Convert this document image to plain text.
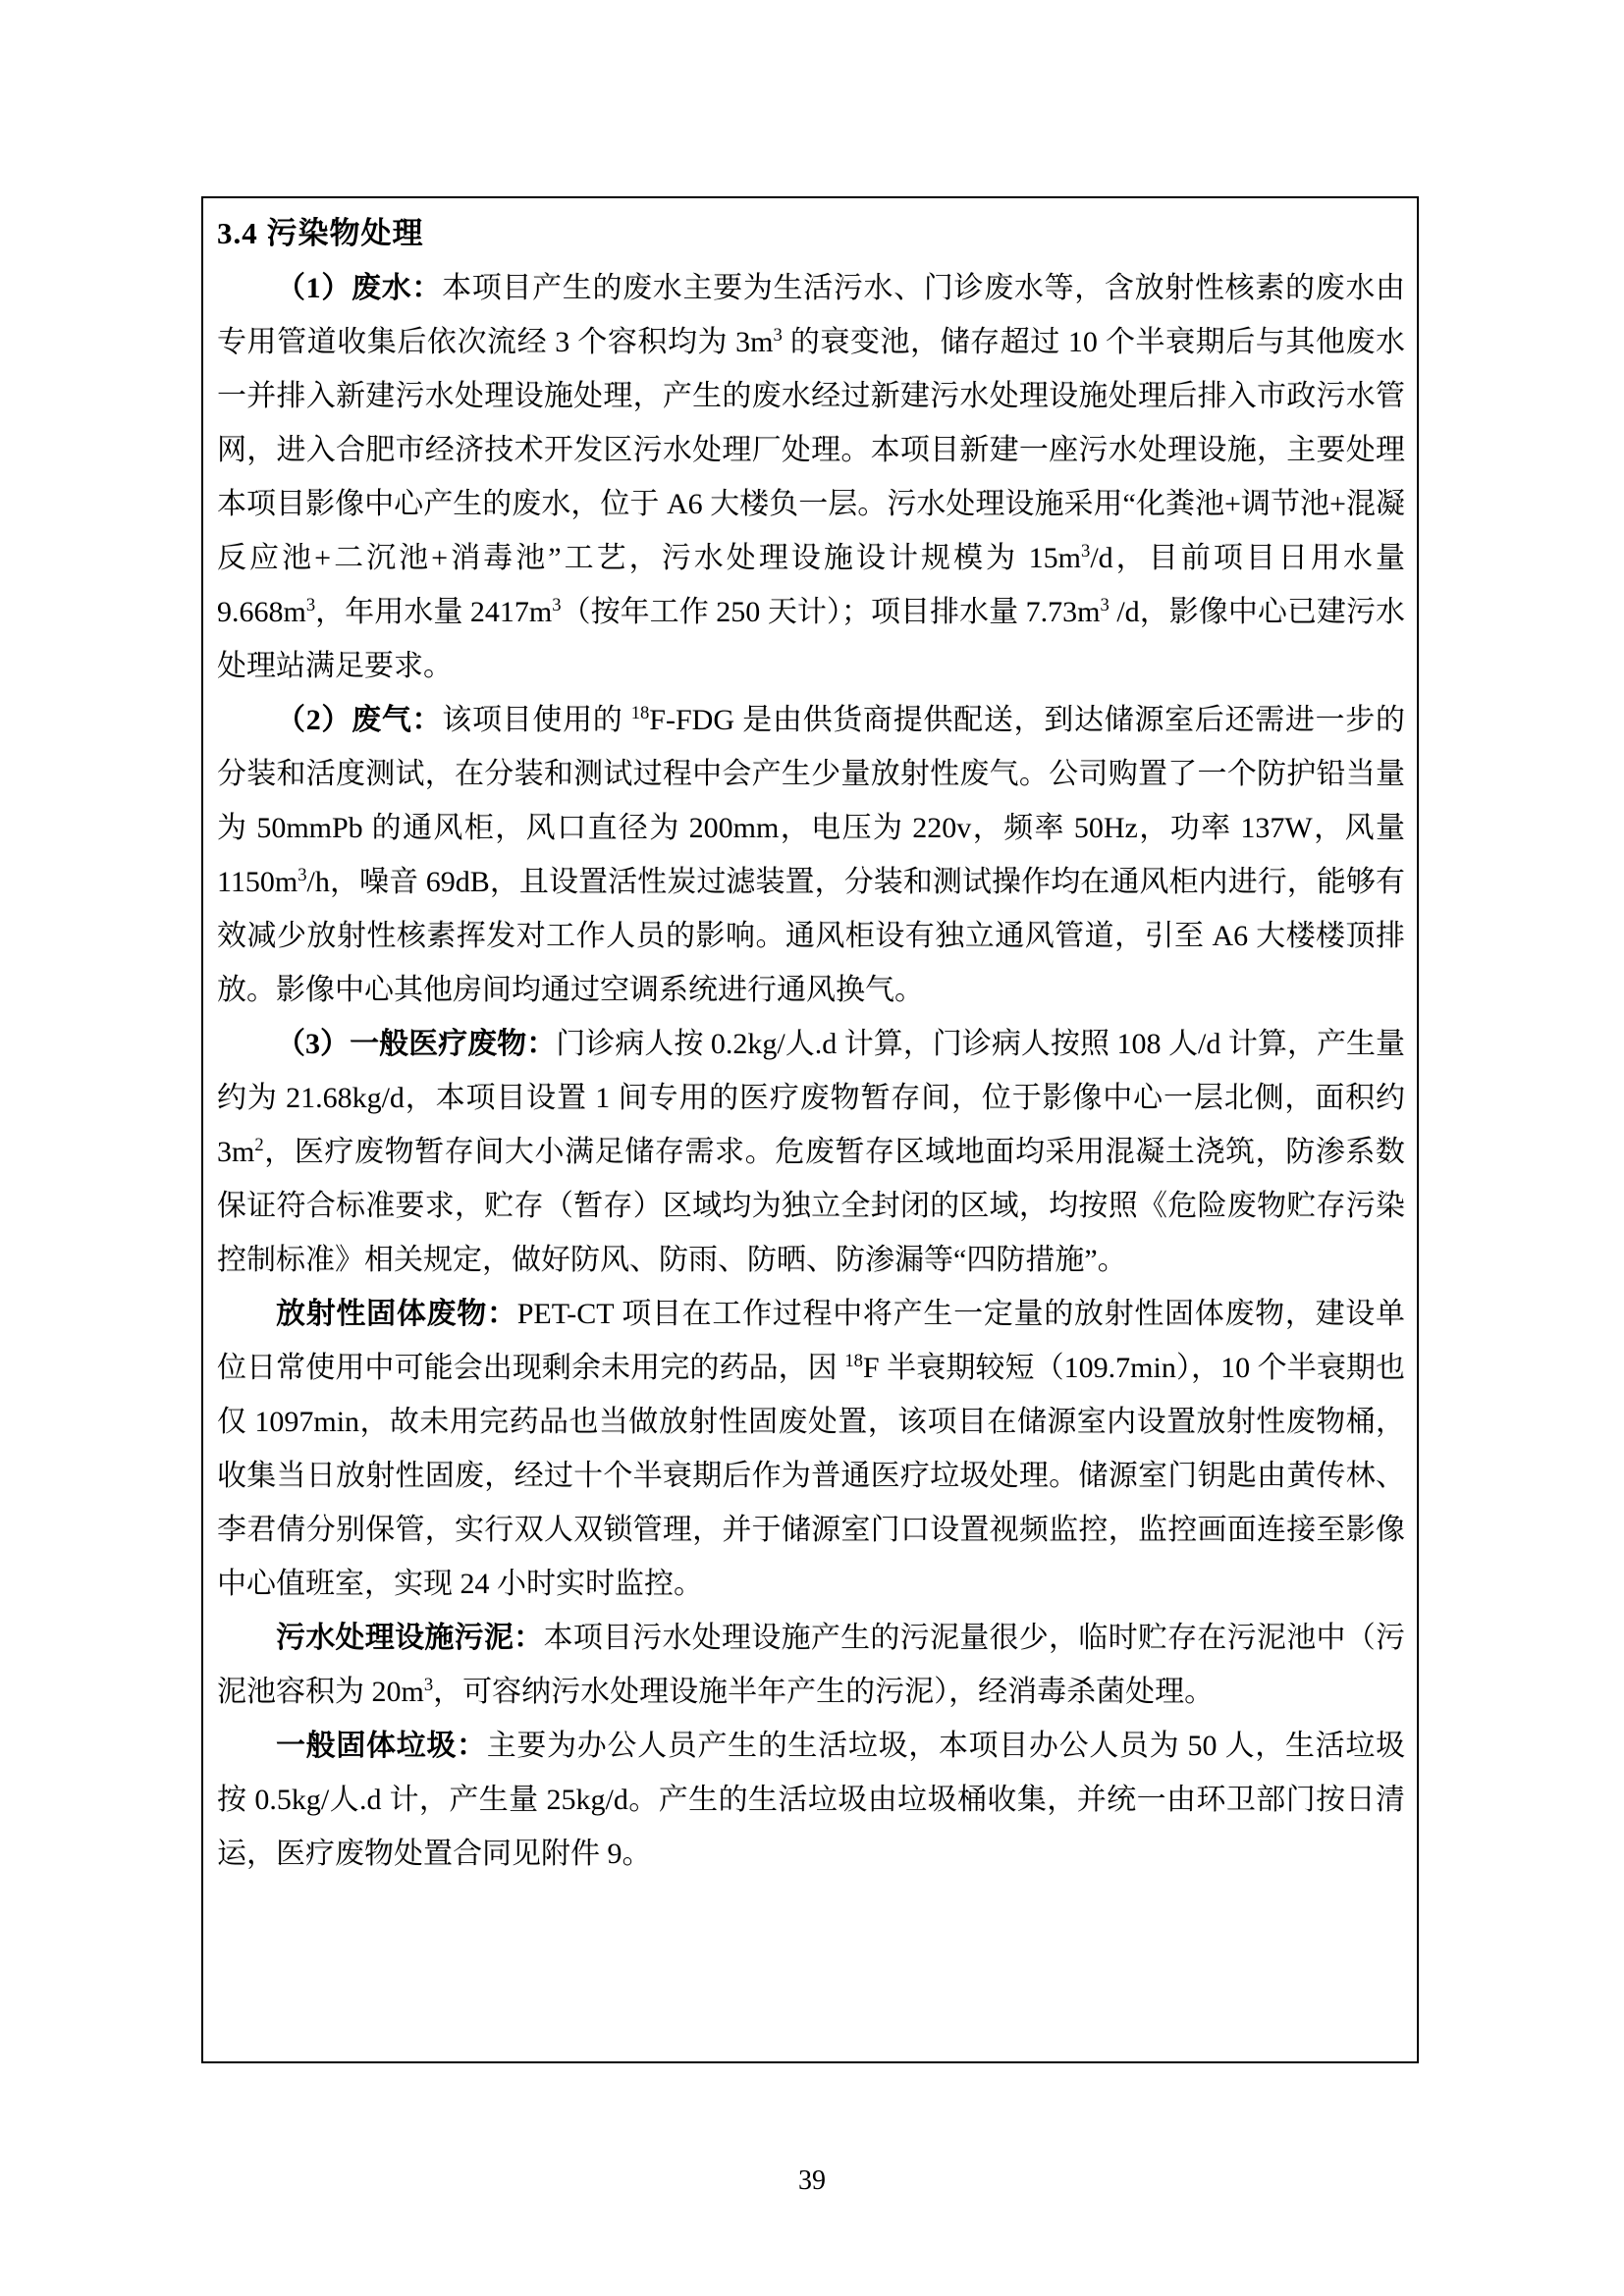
3.4 污染物处理

（1）废水：本项目产生的废水主要为生活污水、门诊废水等，含放射性核素的废水由专用管道收集后依次流经 3 个容积均为 $3m^3$ 的衰变池，储存超过 10 个半衰期后与其他废水一并排入新建污水处理设施处理，产生的废水经过新建污水处理设施处理后排入市政污水管网，进入合肥市经济技术开发区污水处理厂处理。本项目新建一座污水处理设施，主要处理本项目影像中心产生的废水，位于 A6 大楼负一层。污水处理设施采用“化粪池+调节池+混凝反应池+二沉池+消毒池”工艺，污水处理设施设计规模为 $15m^3/d$，目前项目日用水量 $9.668m^3$，年用水量 $2417m^3$（按年工作 250 天计）；项目排水量 $7.73m^3$ /d，影像中心已建污水处理站满足要求。

（2）废气：该项目使用的 $^{18}$F-FDG 是由供货商提供配送，到达储源室后还需进一步的分装和活度测试，在分装和测试过程中会产生少量放射性废气。公司购置了一个防护铅当量为 50mmPb 的通风柜，风口直径为 200mm，电压为 220v，频率 50Hz，功率 137W，风量 $1150m^3/h$，噪音 69dB，且设置活性炭过滤装置，分装和测试操作均在通风柜内进行，能够有效减少放射性核素挥发对工作人员的影响。通风柜设有独立通风管道，引至 A6 大楼楼顶排放。影像中心其他房间均通过空调系统进行通风换气。

（3）一般医疗废物：门诊病人按 0.2kg/人.d 计算，门诊病人按照 108 人/d 计算，产生量约为 21.68kg/d，本项目设置 1 间专用的医疗废物暂存间，位于影像中心一层北侧，面积约 $3m^2$，医疗废物暂存间大小满足储存需求。危废暂存区域地面均采用混凝土浇筑，防渗系数保证符合标准要求，贮存（暂存）区域均为独立全封闭的区域，均按照《危险废物贮存污染控制标准》相关规定，做好防风、防雨、防晒、防渗漏等“四防措施”。

放射性固体废物：PET-CT 项目在工作过程中将产生一定量的放射性固体废物，建设单位日常使用中可能会出现剩余未用完的药品，因 $^{18}$F 半衰期较短（109.7min），10 个半衰期也仅 1097min，故未用完药品也当做放射性固废处置，该项目在储源室内设置放射性废物桶，收集当日放射性固废，经过十个半衰期后作为普通医疗垃圾处理。储源室门钥匙由黄传林、李君倩分别保管，实行双人双锁管理，并于储源室门口设置视频监控，监控画面连接至影像中心值班室，实现 24 小时实时监控。

污水处理设施污泥：本项目污水处理设施产生的污泥量很少，临时贮存在污泥池中（污泥池容积为 $20m^3$，可容纳污水处理设施半年产生的污泥），经消毒杀菌处理。

一般固体垃圾：主要为办公人员产生的生活垃圾，本项目办公人员为 50 人，生活垃圾按 0.5kg/人.d 计，产生量 25kg/d。产生的生活垃圾由垃圾桶收集，并统一由环卫部门按日清运，医疗废物处置合同见附件 9。

39
